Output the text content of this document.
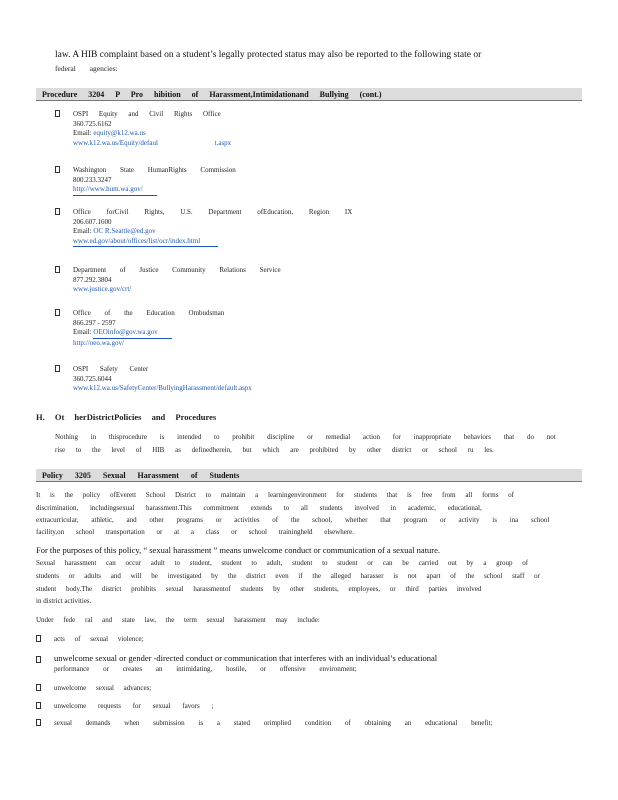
law. A HIB complaint based on a student’s legally protected status may also be reported to the following state or
federal agencies:
Procedure 3204 P Pro hibition of Harassment,Intimidationand Bullying (cont.)
OSPI Equity and Civil Rights Office
360.725.6162
Email: equity@k12.wa.us
www.k12.wa.us/Equity/defaul t.aspx
Washington State HumanRights Commission
800.233.3247
http://www.hum.wa.gov/
Office forCivil Rights, U.S. Department ofEducation, Region IX
206.607.1600
Email: OC R.Seattle@ed.gov
www.ed.gov/about/offices/list/ocr/index.html
Department of Justice Community Relations Service
877.292.3804
www.justice.gov/crt/
Office of the Education Ombudsman
866.297 - 2597
Email: OEOinfo@gov.wa.gov
http://oeo.wa.gov/
OSPI Safety Center
360.725.6044
www.k12.wa.us/SafetyCenter/BullyingHarassment/default.aspx
H. Ot herDistrictPolicies and Procedures
Nothing in thisprocedure is intended to prohibit discipline or remedial action for inappropriate behaviors that do not
rise to the level of HIB as definedherein, but which are prohibited by other district or school ru les.
Policy 3205 Sexual Harassment of Students
It is the policy ofEverett School District to maintain a learningenvironment for students that is free from all forms of
discrimination, includingsexual harassment.This commitment extends to all students involved in academic, educational,
extracurricular, athletic, and other programs or activities of the school, whether that program or activity is ina school
facility,on school transportation or at a class or school trainingheld elsewhere.
For the purposes of this policy, “ sexual harassment ” means unwelcome conduct or communication of a sexual nature.
Sexual harassment can occur adult to student, student to adult, student to student or can be carried out by a group of
students or adults and will be investigated by the district even if the alleged harasser is not apart of the school staff or
student body.The district prohibits sexual harassmentof students by other students, employees, or third parties involved
in district activities.
Under fede ral and state law, the term sexual harassment may include:
acts of sexual violence;
unwelcome sexual or gender -directed conduct or communication that interferes with an individual’s educational
performance or creates an intimidating, hostile, or offensive environment;
unwelcome sexual advances;
unwelcome requests for sexual favors ;
sexual demands when submission is a stated orimplied condition of obtaining an educational benefit;
